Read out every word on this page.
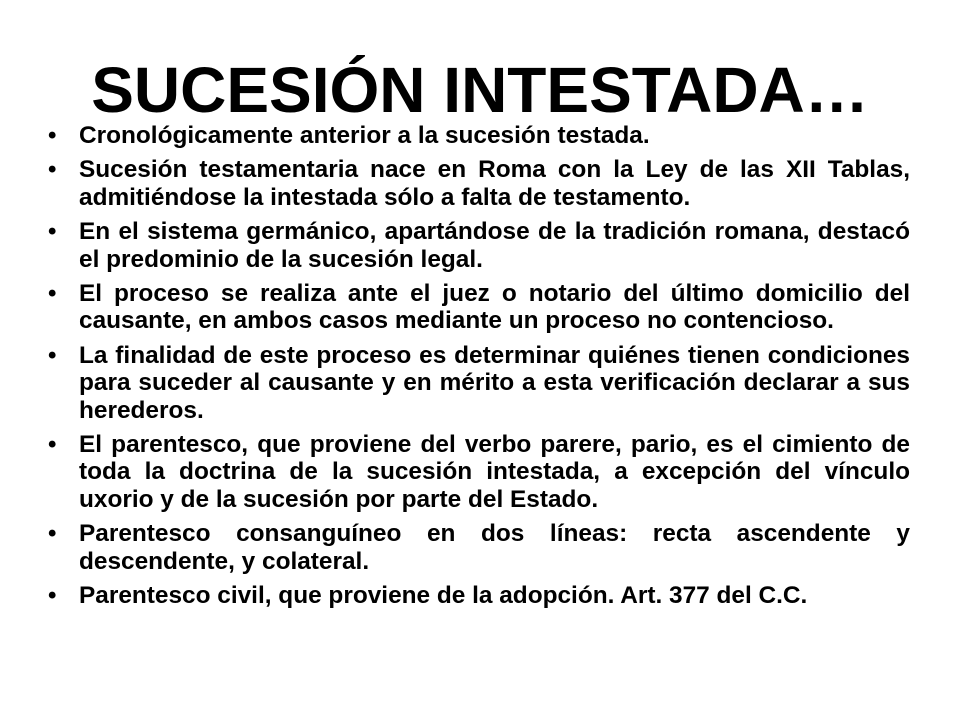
SUCESIÓN INTESTADA…
• Cronológicamente anterior a la sucesión testada.
• Sucesión testamentaria nace en Roma con la Ley de las XII Tablas, admitiéndose la intestada sólo a falta de testamento.
• En el sistema germánico, apartándose de la tradición romana, destacó el predominio de la sucesión legal.
• El proceso se realiza ante el juez o notario del último domicilio del causante, en ambos casos mediante un proceso no contencioso.
• La finalidad de este proceso es determinar quiénes tienen condiciones para suceder al causante y en mérito a esta verificación declarar a sus herederos.
• El parentesco, que proviene del verbo parere, pario, es el cimiento de toda la doctrina de la sucesión intestada, a excepción del vínculo uxorio y de la sucesión por parte del Estado.
• Parentesco consanguíneo en dos líneas: recta ascendente y descendente, y colateral.
• Parentesco civil, que proviene de la adopción. Art. 377 del C.C.
